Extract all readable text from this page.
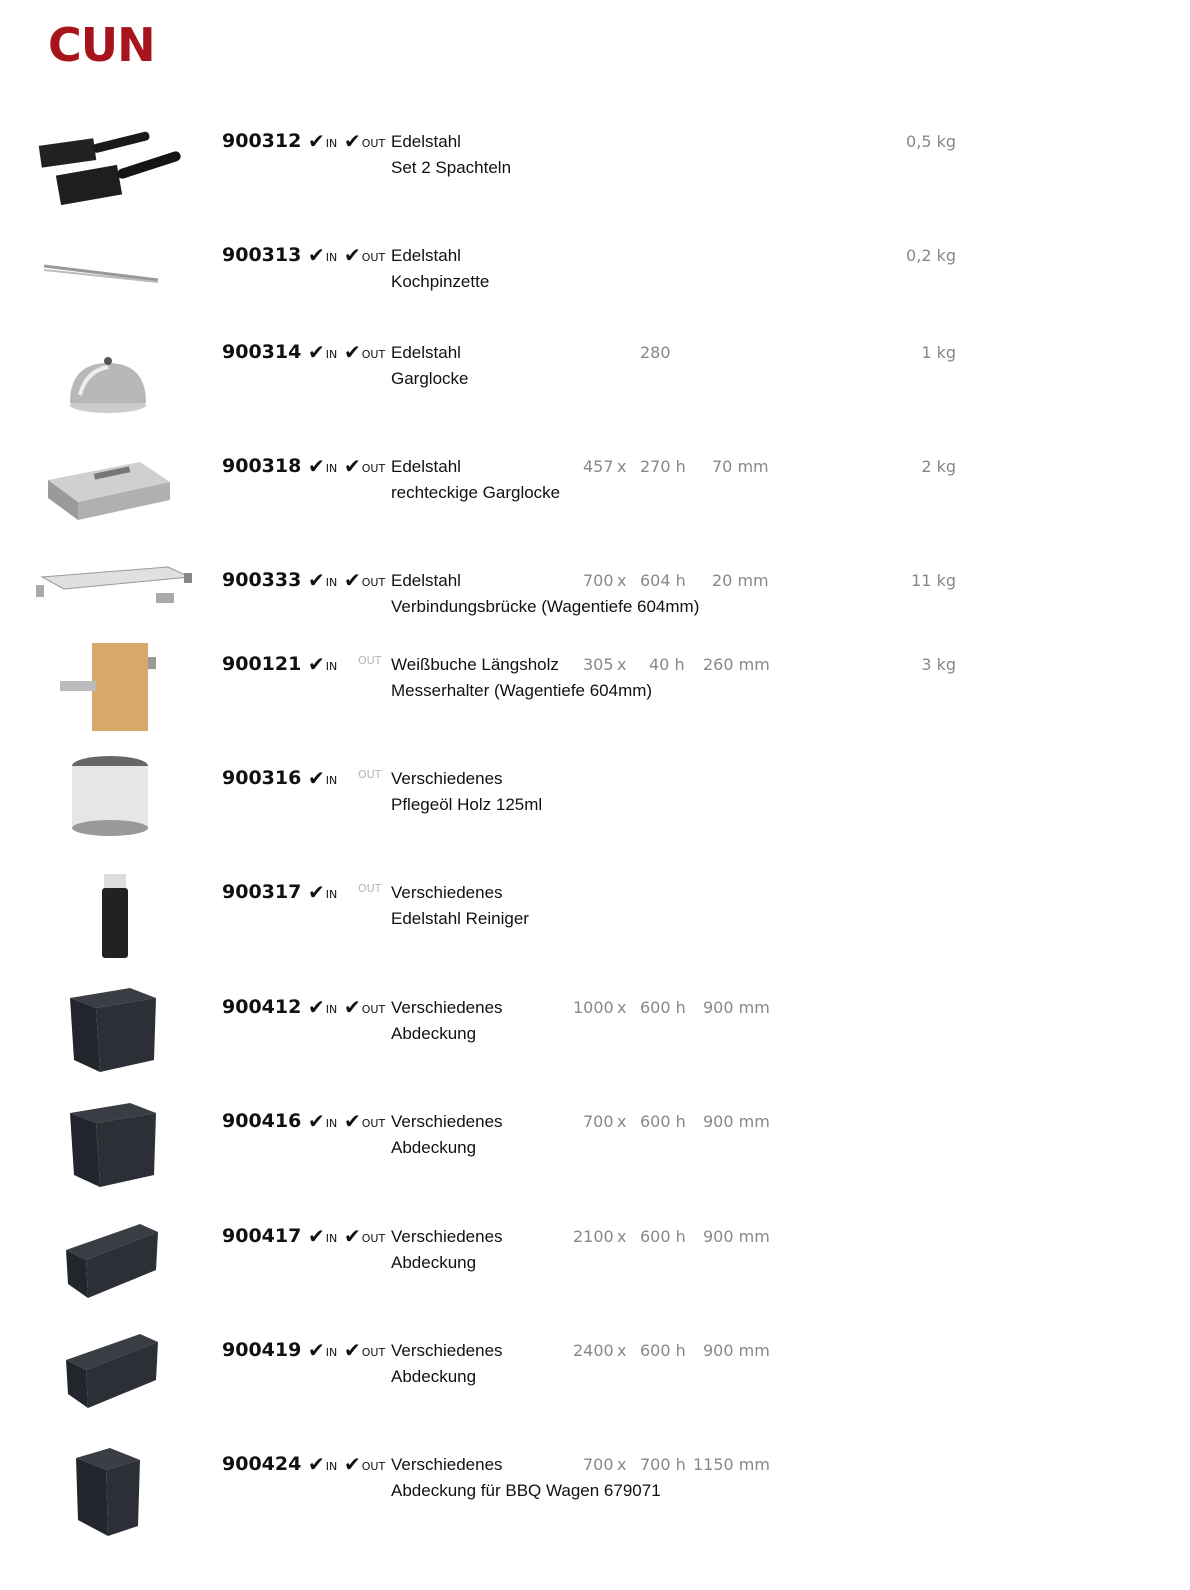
CUN
900312 ✔ IN ✔ OUT Edelstahl
Set 2 Spachteln
0,5 kg
900313 ✔ IN ✔ OUT Edelstahl
Kochpinzette
0,2 kg
900314 ✔ IN ✔ OUT Edelstahl
Garglocke
280	1 kg
900318 ✔ IN ✔ OUT Edelstahl
rechteckige Garglocke
457 x 270 h 70 mm	2 kg
900333 ✔ IN ✔ OUT Edelstahl
Verbindungsbrücke (Wagentiefe 604mm)
700 x 604 h 20 mm	11 kg
900121 ✔ IN OUT Weißbuche Längsholz
Messerhalter (Wagentiefe 604mm)
305 x 40 h 260 mm	3 kg
900316 ✔ IN OUT Verschiedenes
Pflegeöl Holz 125ml
900317 ✔ IN OUT Verschiedenes
Edelstahl Reiniger
900412 ✔ IN ✔ OUT Verschiedenes
Abdeckung
1000 x 600 h 900 mm
900416 ✔ IN ✔ OUT Verschiedenes
Abdeckung
700 x 600 h 900 mm
900417 ✔ IN ✔ OUT Verschiedenes
Abdeckung
2100 x 600 h 900 mm
900419 ✔ IN ✔ OUT Verschiedenes
Abdeckung
2400 x 600 h 900 mm
900424 ✔ IN ✔ OUT Verschiedenes
Abdeckung für BBQ Wagen 679071
700 x 700 h 1150 mm
